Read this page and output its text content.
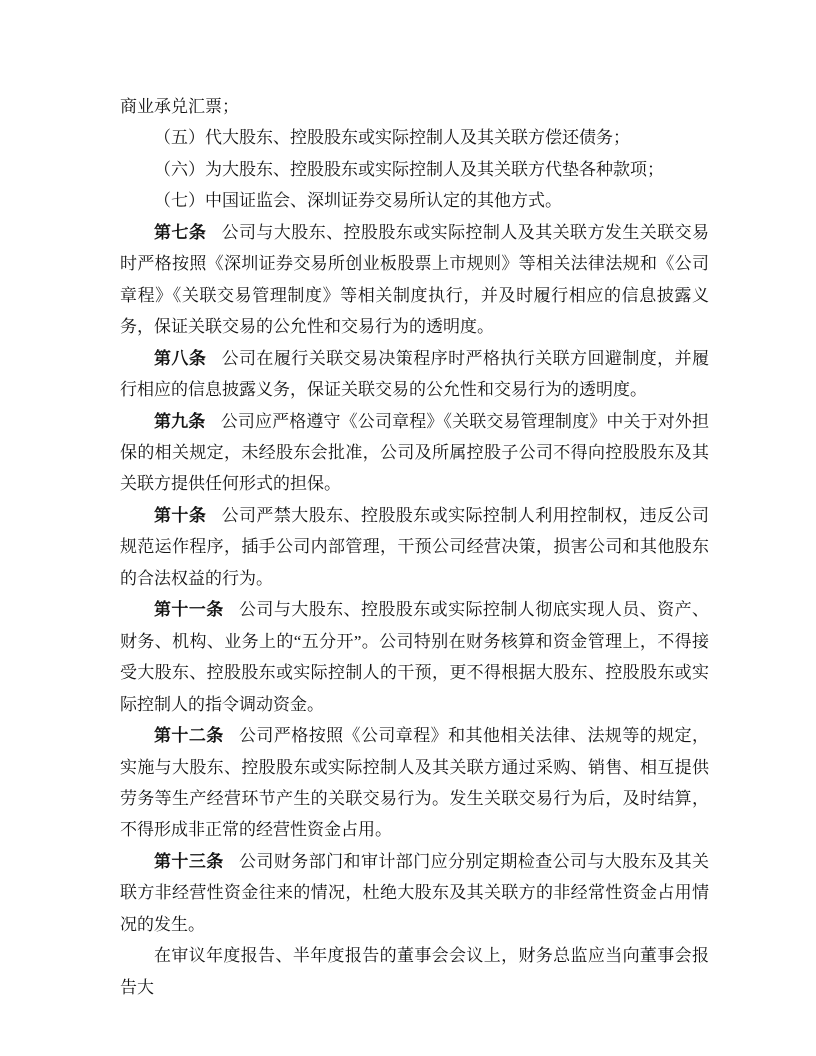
商业承兑汇票；

（五）代大股东、控股股东或实际控制人及其关联方偿还债务；

（六）为大股东、控股股东或实际控制人及其关联方代垫各种款项；

（七）中国证监会、深圳证券交易所认定的其他方式。

第七条 公司与大股东、控股股东或实际控制人及其关联方发生关联交易时严格按照《深圳证券交易所创业板股票上市规则》等相关法律法规和《公司章程》《关联交易管理制度》等相关制度执行，并及时履行相应的信息披露义务，保证关联交易的公允性和交易行为的透明度。

第八条 公司在履行关联交易决策程序时严格执行关联方回避制度，并履行相应的信息披露义务，保证关联交易的公允性和交易行为的透明度。

第九条 公司应严格遵守《公司章程》《关联交易管理制度》中关于对外担保的相关规定，未经股东会批准，公司及所属控股子公司不得向控股股东及其关联方提供任何形式的担保。

第十条 公司严禁大股东、控股股东或实际控制人利用控制权，违反公司规范运作程序，插手公司内部管理，干预公司经营决策，损害公司和其他股东的合法权益的行为。

第十一条 公司与大股东、控股股东或实际控制人彻底实现人员、资产、财务、机构、业务上的“五分开”。公司特别在财务核算和资金管理上，不得接受大股东、控股股东或实际控制人的干预，更不得根据大股东、控股股东或实际控制人的指令调动资金。

第十二条 公司严格按照《公司章程》和其他相关法律、法规等的规定，实施与大股东、控股股东或实际控制人及其关联方通过采购、销售、相互提供劳务等生产经营环节产生的关联交易行为。发生关联交易行为后，及时结算，不得形成非正常的经营性资金占用。

第十三条 公司财务部门和审计部门应分别定期检查公司与大股东及其关联方非经营性资金往来的情况，杜绝大股东及其关联方的非经常性资金占用情况的发生。

在审议年度报告、半年度报告的董事会会议上，财务总监应当向董事会报告大
